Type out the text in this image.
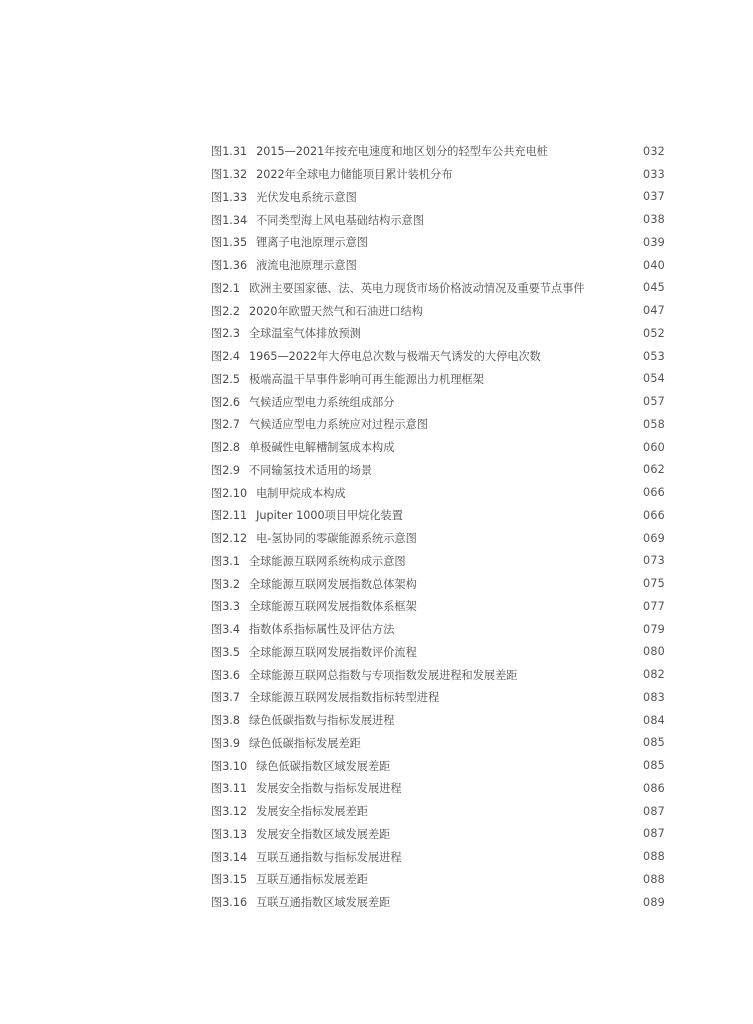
图1.31 2015—2021年按充电速度和地区划分的轻型车公共充电桩	032
图1.32 2022年全球电力储能项目累计装机分布	033
图1.33 光伏发电系统示意图	037
图1.34 不同类型海上风电基础结构示意图	038
图1.35 锂离子电池原理示意图	039
图1.36 液流电池原理示意图	040
图2.1 欧洲主要国家德、法、英电力现货市场价格波动情况及重要节点事件	045
图2.2 2020年欧盟天然气和石油进口结构	047
图2.3 全球温室气体排放预测	052
图2.4 1965—2022年大停电总次数与极端天气诱发的大停电次数	053
图2.5 极端高温干旱事件影响可再生能源出力机理框架	054
图2.6 气候适应型电力系统组成部分	057
图2.7 气候适应型电力系统应对过程示意图	058
图2.8 单极碱性电解槽制氢成本构成	060
图2.9 不同输氢技术适用的场景	062
图2.10 电制甲烷成本构成	066
图2.11 Jupiter 1000项目甲烷化装置	066
图2.12 电-氢协同的零碳能源系统示意图	069
图3.1 全球能源互联网系统构成示意图	073
图3.2 全球能源互联网发展指数总体架构	075
图3.3 全球能源互联网发展指数体系框架	077
图3.4 指数体系指标属性及评估方法	079
图3.5 全球能源互联网发展指数评价流程	080
图3.6 全球能源互联网总指数与专项指数发展进程和发展差距	082
图3.7 全球能源互联网发展指数指标转型进程	083
图3.8 绿色低碳指数与指标发展进程	084
图3.9 绿色低碳指标发展差距	085
图3.10 绿色低碳指数区域发展差距	085
图3.11 发展安全指数与指标发展进程	086
图3.12 发展安全指标发展差距	087
图3.13 发展安全指数区域发展差距	087
图3.14 互联互通指数与指标发展进程	088
图3.15 互联互通指标发展差距	088
图3.16 互联互通指数区域发展差距	089
